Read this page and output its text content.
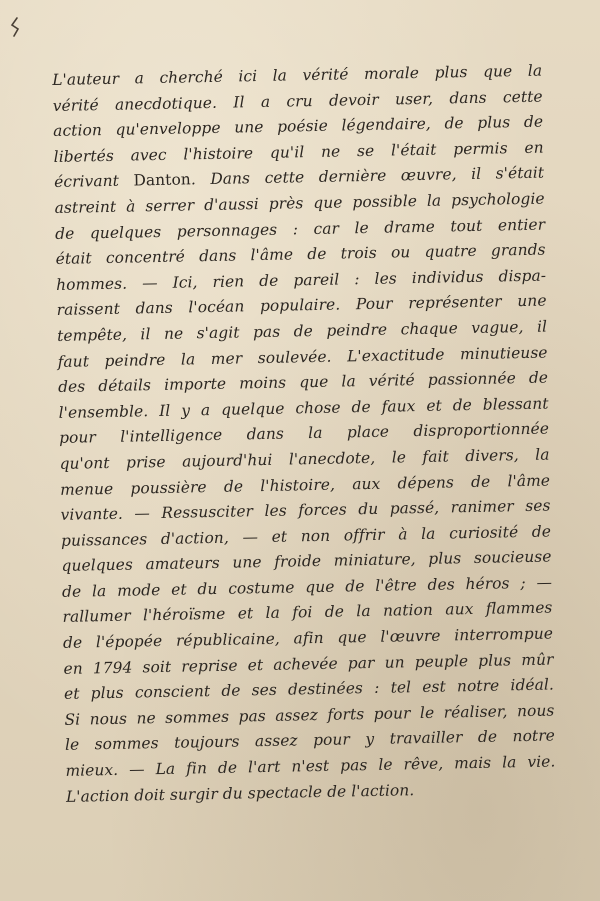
L'auteur a cherché ici la vérité morale plus que la
vérité anecdotique. Il a cru devoir user, dans cette
action qu'enveloppe une poésie légendaire, de plus de
libertés avec l'histoire qu'il ne se l'était permis en
écrivant Danton. Dans cette dernière œuvre, il s'était
astreint à serrer d'aussi près que possible la psychologie
de quelques personnages : car le drame tout entier
était concentré dans l'âme de trois ou quatre grands
hommes. — Ici, rien de pareil : les individus dispa-
raissent dans l'océan populaire. Pour représenter une
tempête, il ne s'agit pas de peindre chaque vague, il
faut peindre la mer soulevée. L'exactitude minutieuse
des détails importe moins que la vérité passionnée de
l'ensemble. Il y a quelque chose de faux et de blessant
pour l'intelligence dans la place disproportionnée
qu'ont prise aujourd'hui l'anecdote, le fait divers, la
menue poussière de l'histoire, aux dépens de l'âme
vivante. — Ressusciter les forces du passé, ranimer ses
puissances d'action, — et non offrir à la curiosité de
quelques amateurs une froide miniature, plus soucieuse
de la mode et du costume que de l'être des héros ; —
rallumer l'héroïsme et la foi de la nation aux flammes
de l'épopée républicaine, afin que l'œuvre interrompue
en 1794 soit reprise et achevée par un peuple plus mûr
et plus conscient de ses destinées : tel est notre idéal.
Si nous ne sommes pas assez forts pour le réaliser, nous
le sommes toujours assez pour y travailler de notre
mieux. — La fin de l'art n'est pas le rêve, mais la vie.
L'action doit surgir du spectacle de l'action.
